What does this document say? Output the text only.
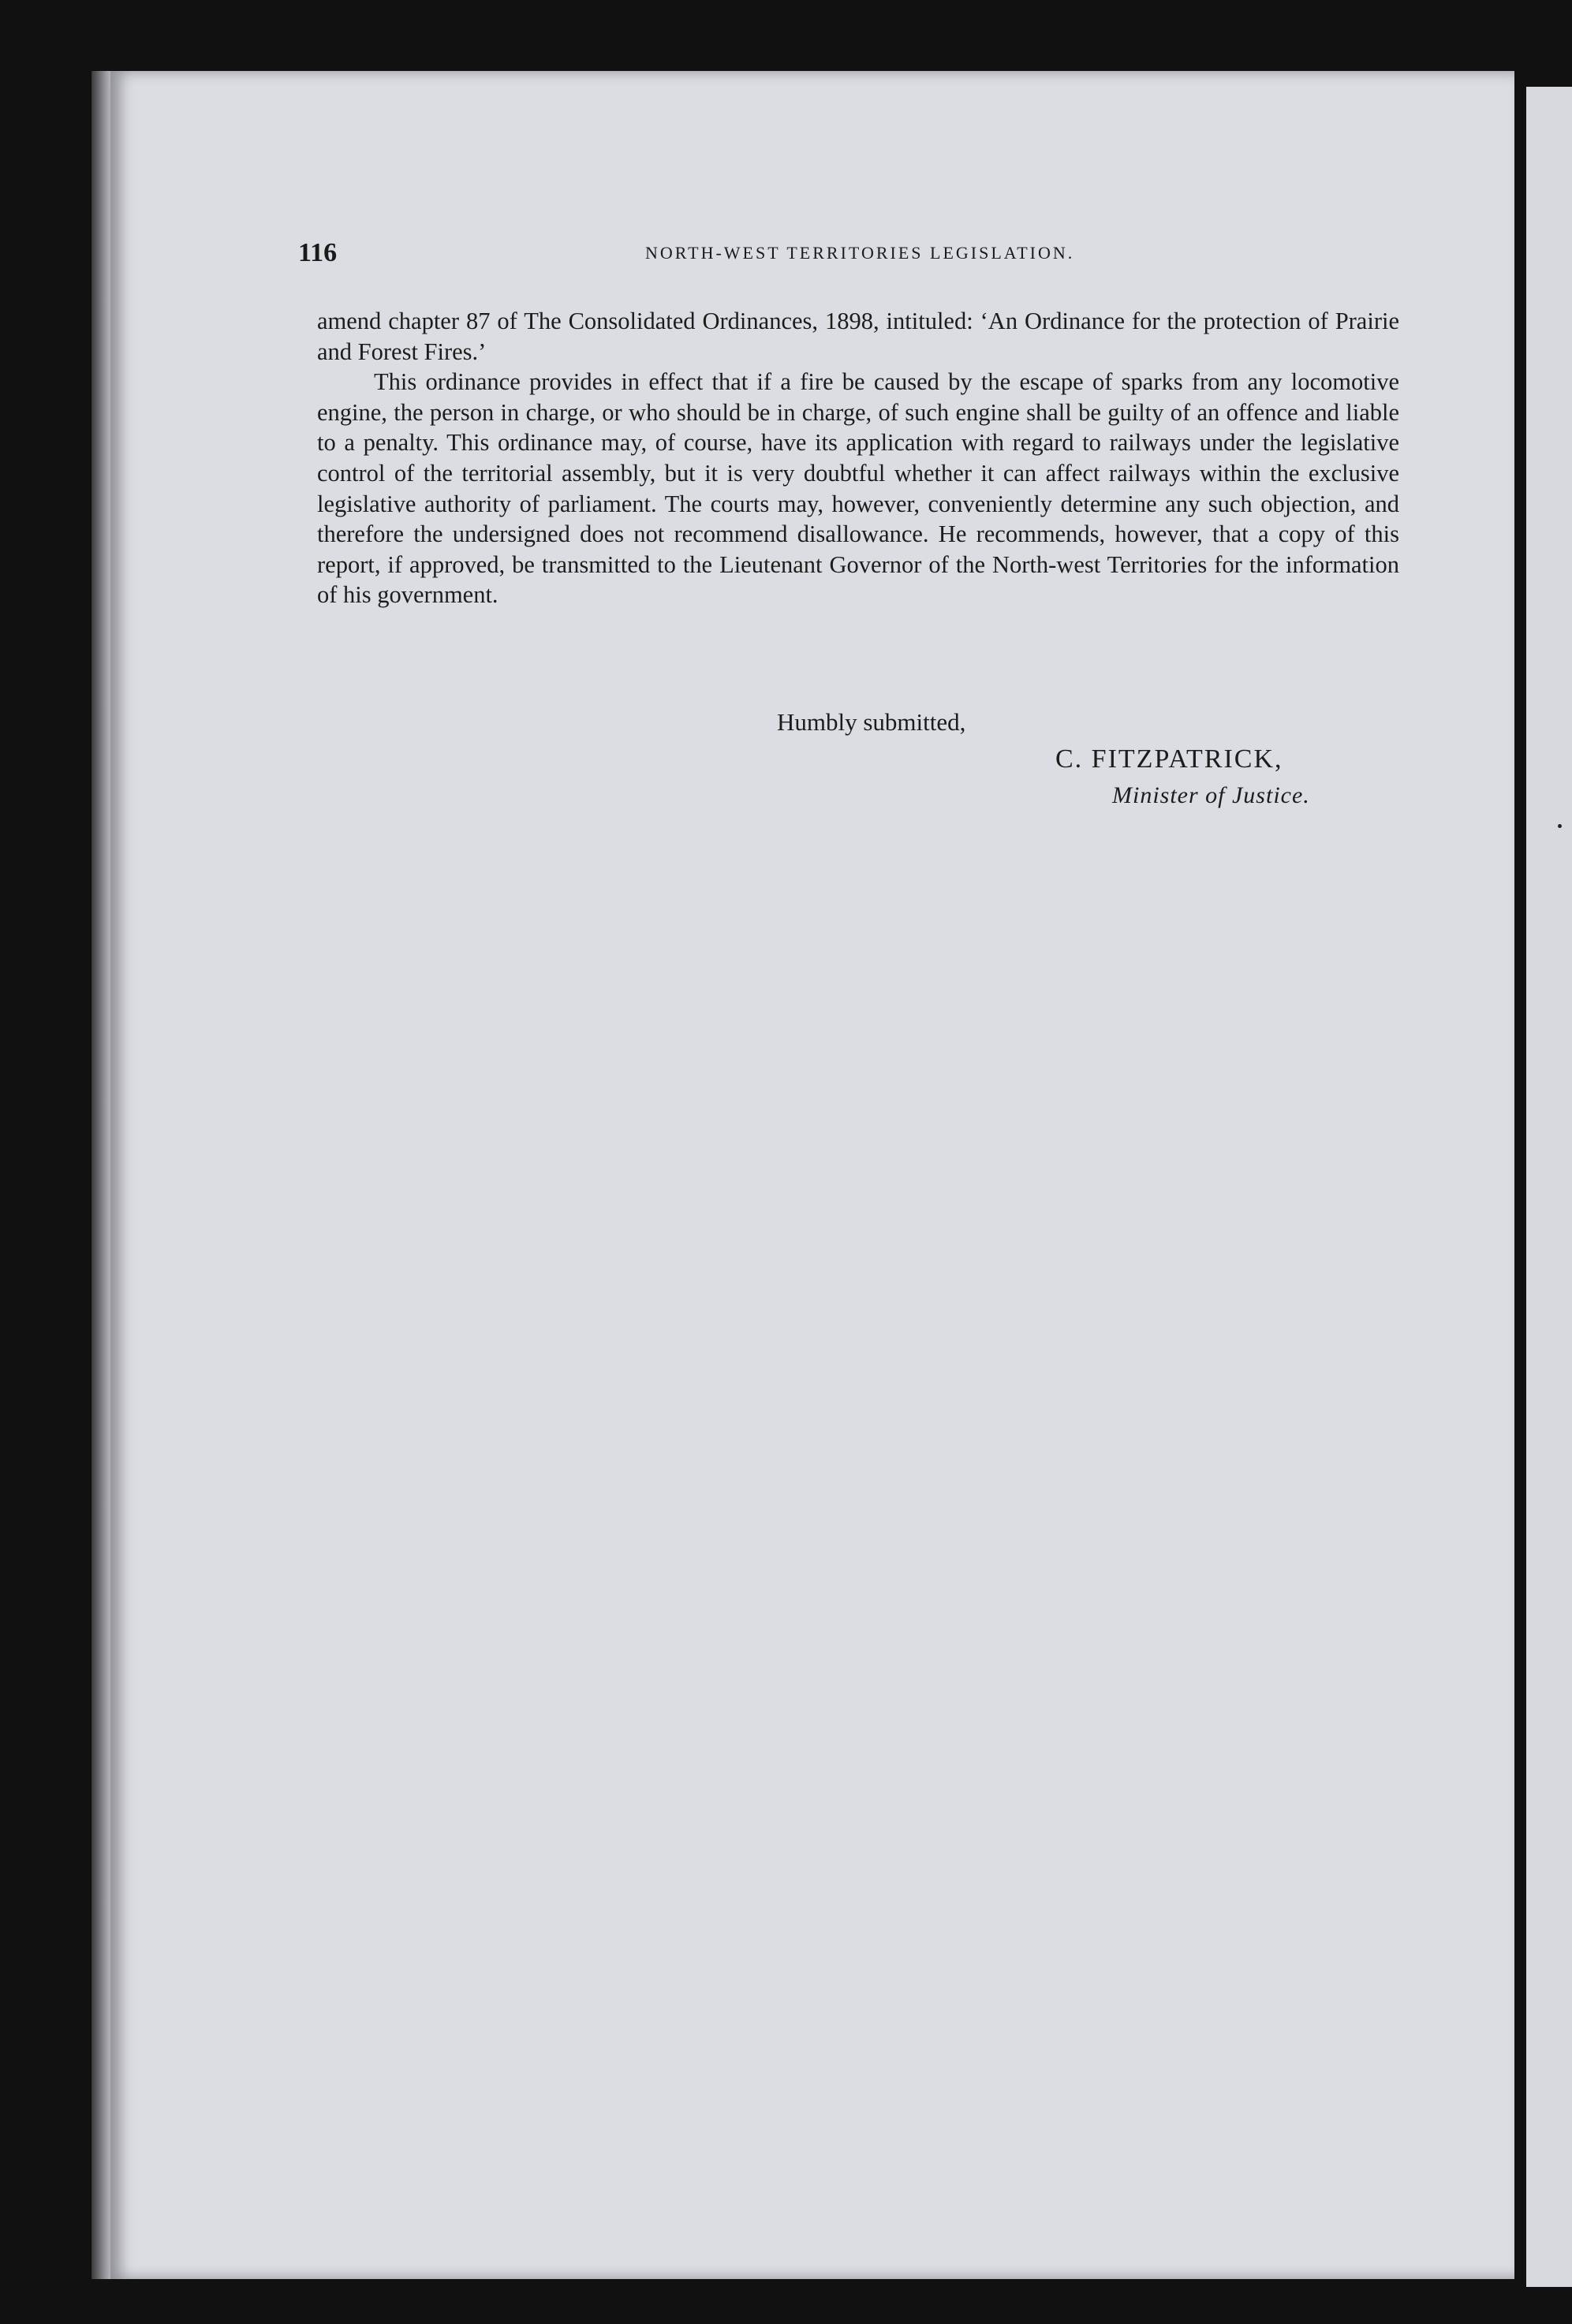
116	NORTH-WEST TERRITORIES LEGISLATION.

amend chapter 87 of The Consolidated Ordinances, 1898, intituled: ‘An Ordinance for the protection of Prairie and Forest Fires.’

This ordinance provides in effect that if a fire be caused by the escape of sparks from any locomotive engine, the person in charge, or who should be in charge, of such engine shall be guilty of an offence and liable to a penalty. This ordinance may, of course, have its application with regard to railways under the legislative control of the territorial assembly, but it is very doubtful whether it can affect railways within the exclusive legislative authority of parliament. The courts may, however, conveniently determine any such objection, and therefore the undersigned does not recommend disallowance. He recommends, however, that a copy of this report, if approved, be transmitted to the Lieutenant Governor of the North-west Territories for the information of his government.

Humbly submitted,
C. FITZPATRICK,
Minister of Justice.
